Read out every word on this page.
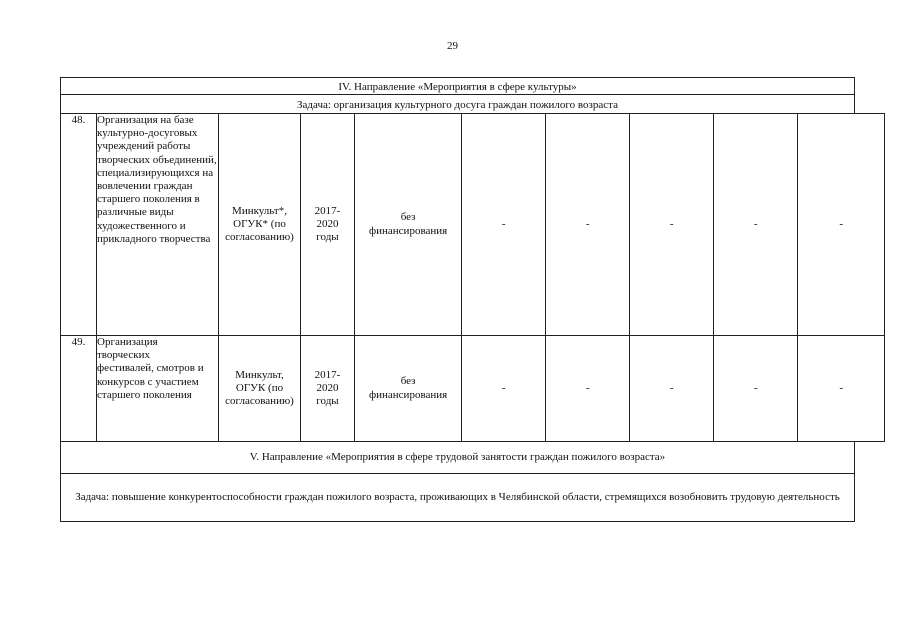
29
IV. Направление «Мероприятия в сфере культуры»
Задача: организация культурного досуга граждан пожилого возраста
48.	Организация на базе культурно-досуговых учреждений работы творческих объединений, специализирующихся на вовлечении граждан старшего поколения в различные виды художественного и прикладного творчества	Минкульт*, ОГУК* (по согласованию)	2017-2020 годы	без финансирования	-	-	-	-	-
49.	Организация творческих фестивалей, смотров и конкурсов с участием старшего поколения	Минкульт, ОГУК (по согласованию)	2017-2020 годы	без финансирования	-	-	-	-	-
V. Направление «Мероприятия в сфере трудовой занятости граждан пожилого возраста»
Задача: повышение конкурентоспособности граждан пожилого возраста, проживающих в Челябинской области, стремящихся возобновить трудовую деятельность
